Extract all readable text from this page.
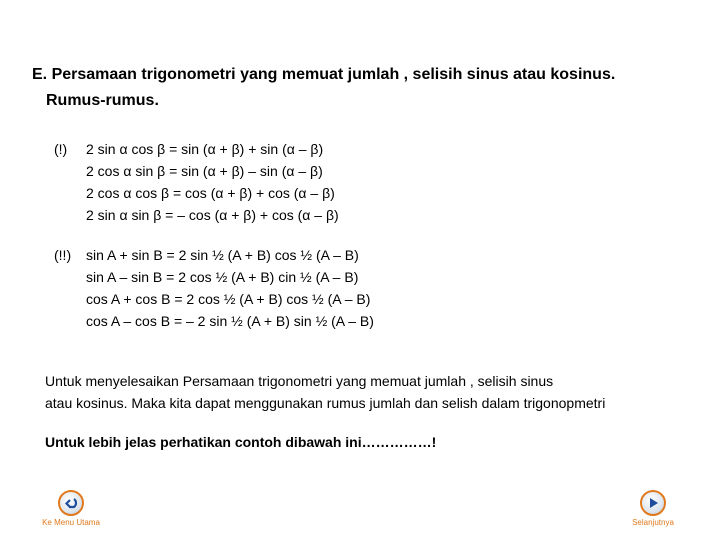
E. Persamaan trigonometri yang memuat jumlah , selisih sinus atau kosinus.
Rumus-rumus.
(!)	2 sin α cos β = sin (α + β) + sin (α – β)
2 cos α sin β = sin (α + β) – sin (α – β)
2 cos α cos β = cos (α + β) + cos (α – β)
2 sin α sin β = – cos (α + β) + cos (α – β)
(!!)	sin A + sin B = 2 sin ½ (A + B) cos ½ (A – B)
sin A – sin B = 2 cos ½ (A + B) cin ½ (A – B)
cos A + cos B = 2 cos ½ (A + B) cos ½ (A – B)
cos A – cos B = – 2 sin ½ (A + B) sin ½ (A – B)
Untuk menyelesaikan Persamaan trigonometri yang memuat jumlah , selisih sinus
atau kosinus. Maka kita dapat menggunakan rumus jumlah dan selish dalam trigonopmetri
Untuk lebih jelas perhatikan contoh dibawah ini……………!
Ke Menu Utama	Selanjutnya
